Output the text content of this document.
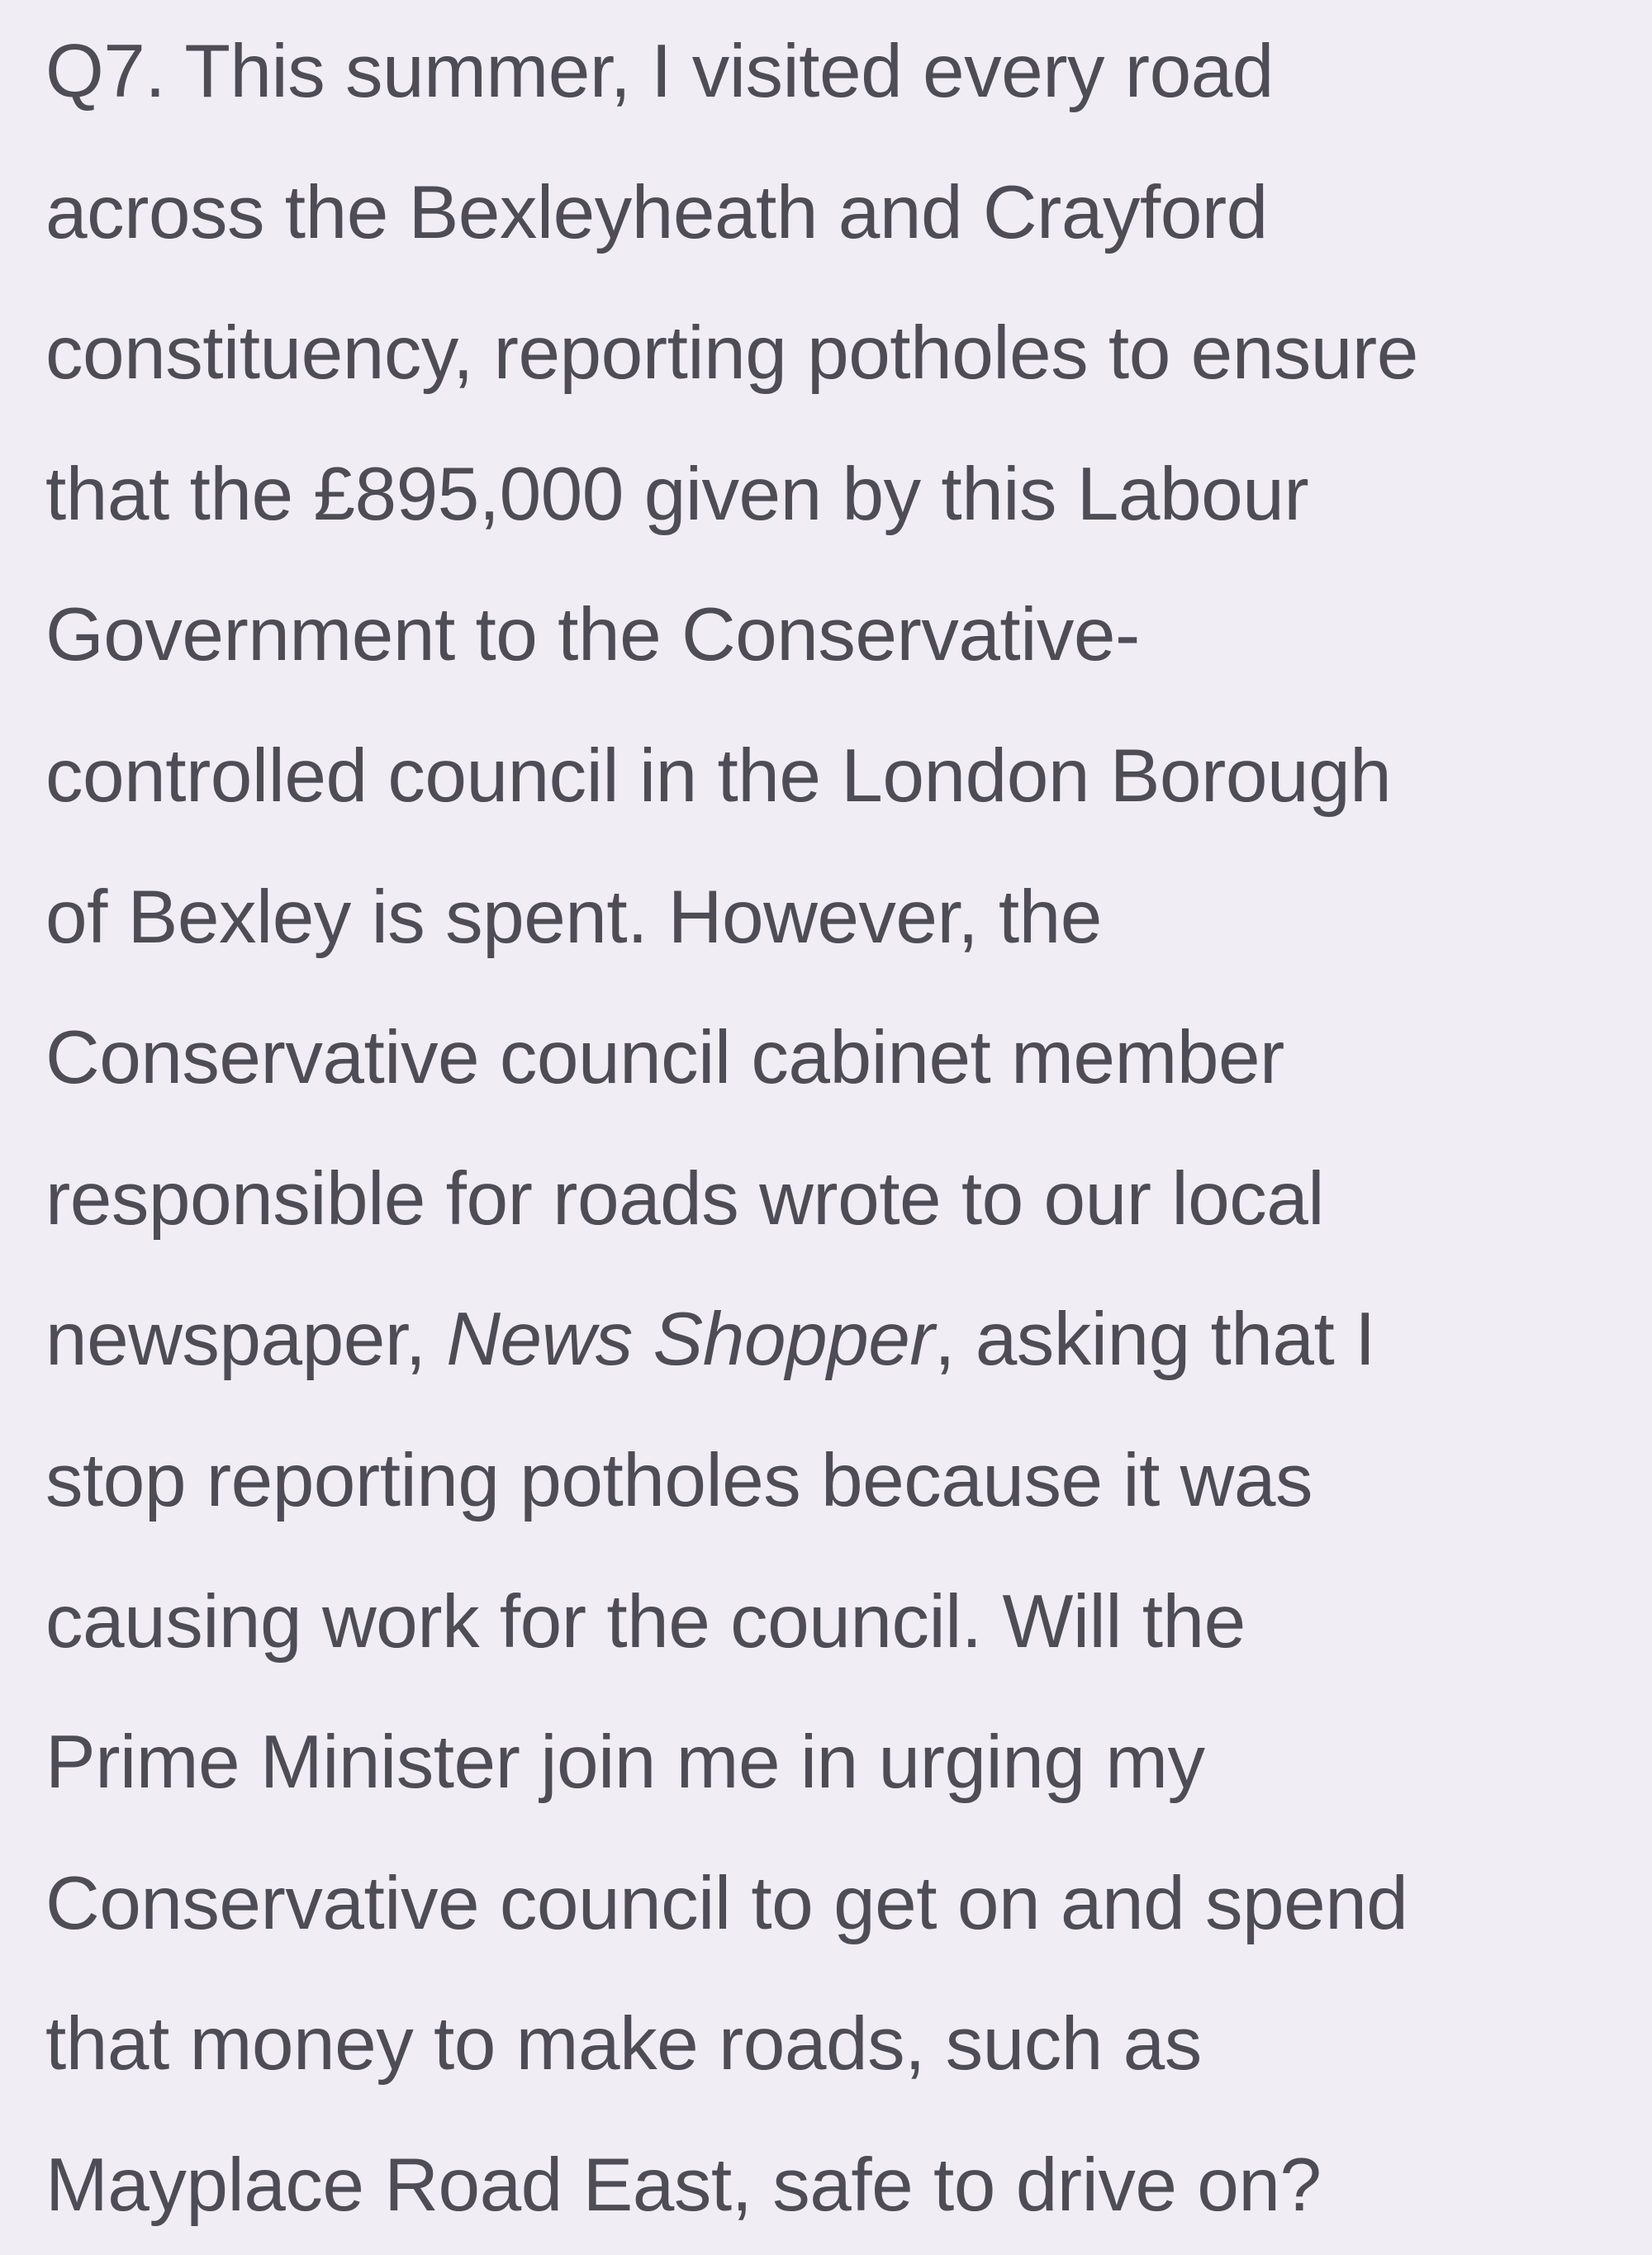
Q7. This summer, I visited every road
across the Bexleyheath and Crayford
constituency, reporting potholes to ensure
that the £895,000 given by this Labour
Government to the Conservative-
controlled council in the London Borough
of Bexley is spent. However, the
Conservative council cabinet member
responsible for roads wrote to our local
newspaper, News Shopper, asking that I
stop reporting potholes because it was
causing work for the council. Will the
Prime Minister join me in urging my
Conservative council to get on and spend
that money to make roads, such as
Mayplace Road East, safe to drive on?
